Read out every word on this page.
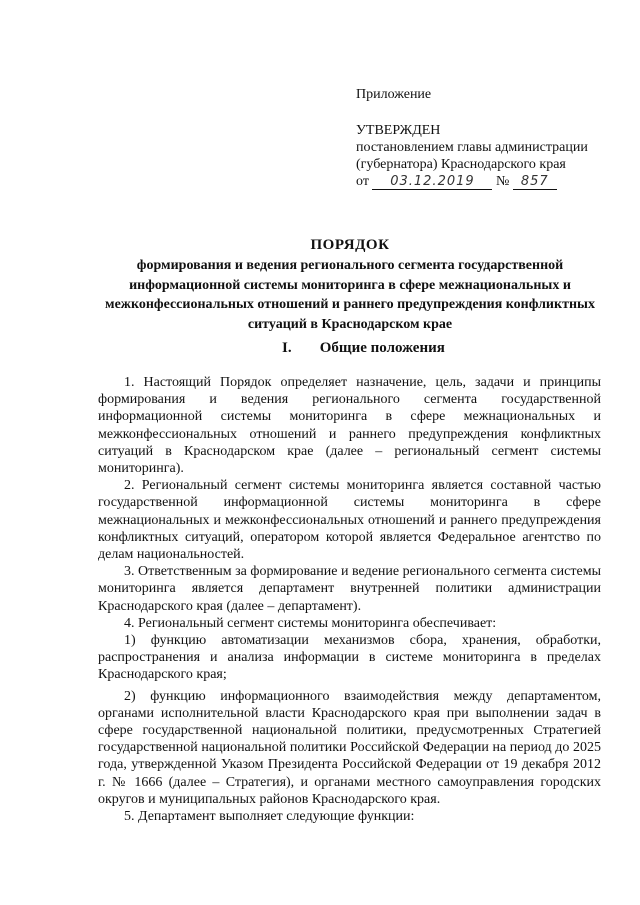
Приложение
УТВЕРЖДЕН
постановлением главы администрации
(губернатора) Краснодарского края
от 03.12.2019 № 857
ПОРЯДОК
формирования и ведения регионального сегмента государственной информационной системы мониторинга в сфере межнациональных и межконфессиональных отношений и раннего предупреждения конфликтных ситуаций в Краснодарском крае
I. Общие положения

1. Настоящий Порядок определяет назначение, цель, задачи и принципы формирования и ведения регионального сегмента государственной информационной системы мониторинга в сфере межнациональных и межконфессиональных отношений и раннего предупреждения конфликтных ситуаций в Краснодарском крае (далее – региональный сегмент системы мониторинга).

2. Региональный сегмент системы мониторинга является составной частью государственной информационной системы мониторинга в сфере межнациональных и межконфессиональных отношений и раннего предупреждения конфликтных ситуаций, оператором которой является Федеральное агентство по делам национальностей.

3. Ответственным за формирование и ведение регионального сегмента системы мониторинга является департамент внутренней политики администрации Краснодарского края (далее – департамент).

4. Региональный сегмент системы мониторинга обеспечивает:

1) функцию автоматизации механизмов сбора, хранения, обработки, распространения и анализа информации в системе мониторинга в пределах Краснодарского края;

2) функцию информационного взаимодействия между департаментом, органами исполнительной власти Краснодарского края при выполнении задач в сфере государственной национальной политики, предусмотренных Стратегией государственной национальной политики Российской Федерации на период до 2025 года, утвержденной Указом Президента Российской Федерации от 19 декабря 2012 г. № 1666 (далее – Стратегия), и органами местного самоуправления городских округов и муниципальных районов Краснодарского края.

5. Департамент выполняет следующие функции:
